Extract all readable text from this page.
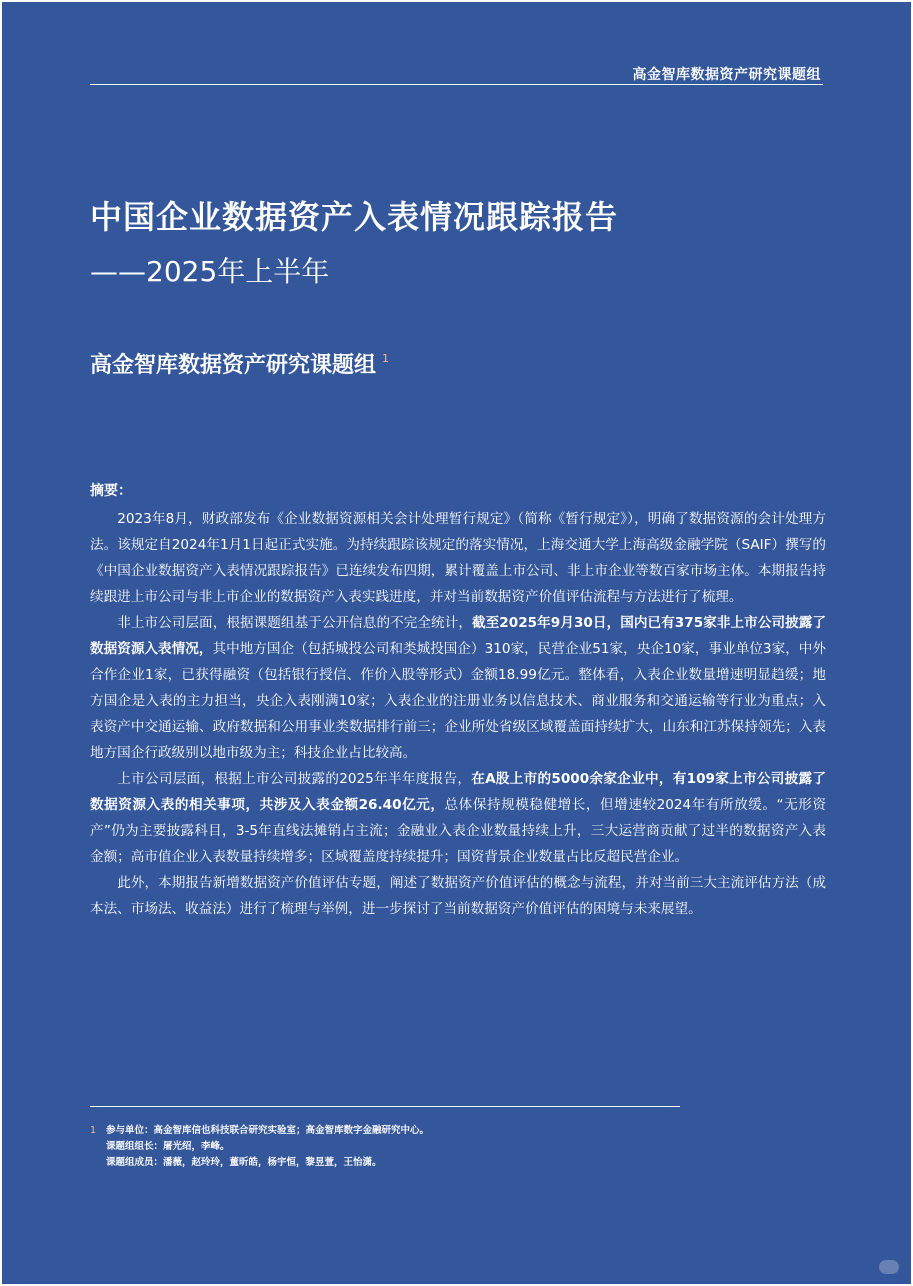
高金智库数据资产研究课题组
中国企业数据资产入表情况跟踪报告
——2025年上半年
高金智库数据资产研究课题组 $^1$
摘要：

2023年8月，财政部发布《企业数据资源相关会计处理暂行规定》（简称《暂行规定》），明确了数据资源的会计处理方法。该规定自2024年1月1日起正式实施。为持续跟踪该规定的落实情况，上海交通大学上海高级金融学院（SAIF）撰写的《中国企业数据资产入表情况跟踪报告》已连续发布四期，累计覆盖上市公司、非上市企业等数百家市场主体。本期报告持续跟进上市公司与非上市企业的数据资产入表实践进度，并对当前数据资产价值评估流程与方法进行了梳理。

非上市公司层面，根据课题组基于公开信息的不完全统计，截至2025年9月30日，国内已有375家非上市公司披露了数据资源入表情况，其中地方国企（包括城投公司和类城投国企）310家，民营企业51家，央企10家，事业单位3家，中外合作企业1家，已获得融资（包括银行授信、作价入股等形式）金额18.99亿元。整体看，入表企业数量增速明显趋缓；地方国企是入表的主力担当，央企入表刚满10家；入表企业的注册业务以信息技术、商业服务和交通运输等行业为重点；入表资产中交通运输、政府数据和公用事业类数据排行前三；企业所处省级区域覆盖面持续扩大，山东和江苏保持领先；入表地方国企行政级别以地市级为主；科技企业占比较高。

上市公司层面，根据上市公司披露的2025年半年度报告，在A股上市的5000余家企业中，有109家上市公司披露了数据资源入表的相关事项，共涉及入表金额26.40亿元，总体保持规模稳健增长，但增速较2024年有所放缓。“无形资产”仍为主要披露科目，3-5年直线法摊销占主流；金融业入表企业数量持续上升，三大运营商贡献了过半的数据资产入表金额；高市值企业入表数量持续增多；区域覆盖度持续提升；国资背景企业数量占比反超民营企业。

此外，本期报告新增数据资产价值评估专题，阐述了数据资产价值评估的概念与流程，并对当前三大主流评估方法（成本法、市场法、收益法）进行了梳理与举例，进一步探讨了当前数据资产价值评估的困境与未来展望。

1 参与单位：高金智库信也科技联合研究实验室；高金智库数字金融研究中心。
课题组组长：屠光绍，李峰。
课题组成员：潘薇，赵玲玲，董昕皓，杨宇恒，黎昱萱，王怡潇。
